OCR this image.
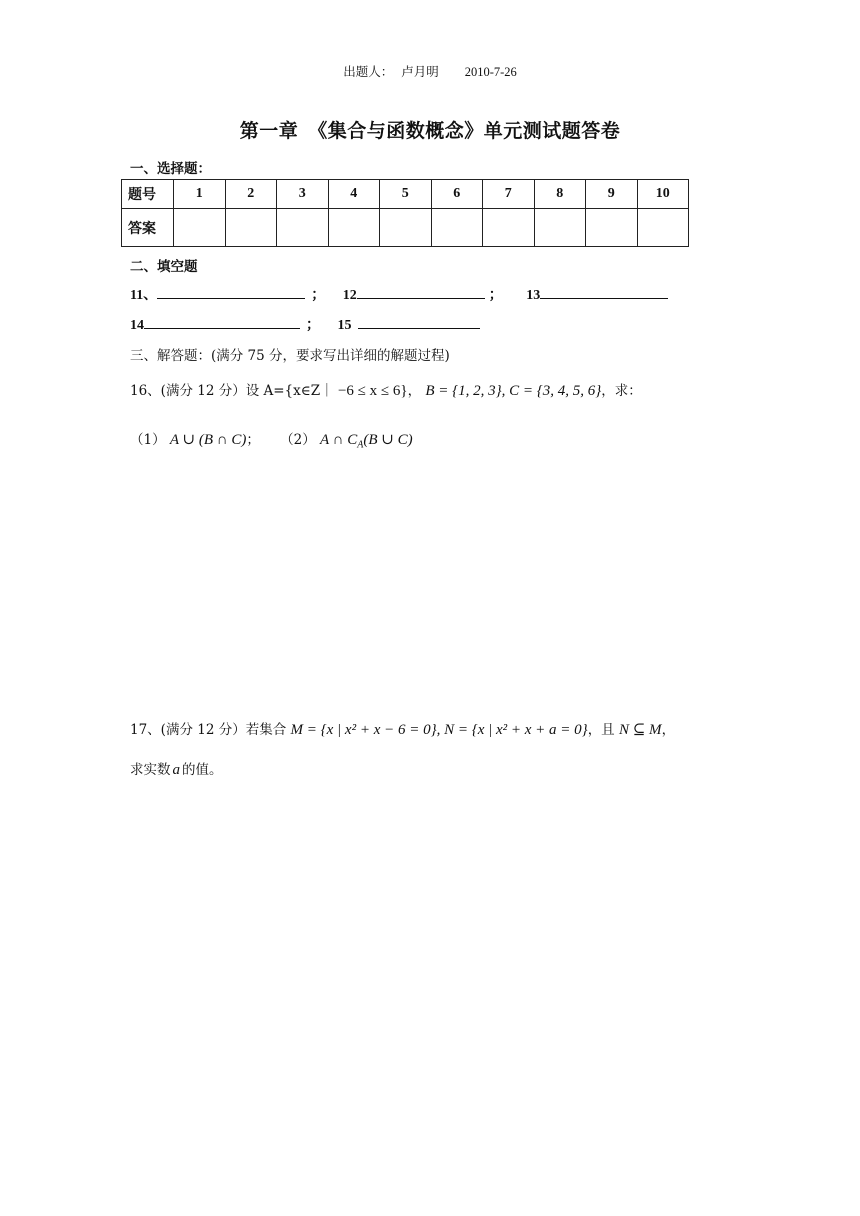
出题人： 卢月明 2010-7-26
第一章　《集合与函数概念》单元测试题答卷
一、选择题：
题号	1	2	3	4	5	6	7	8	9	10
答案										
二、填空题
11、	； 12	； 13
14	； 15
三、解答题：(满分 75 分，要求写出详细的解题过程)
16、(满分 12 分）设 A={x∈Z｜ −6 ≤ x ≤ 6}， B = {1, 2, 3}, C = {3, 4, 5, 6}，求：
（1） A ∪ (B ∩ C)； （2） A ∩ $C_A(B$ ∪ C)
17、(满分 12 分）若集合 M = {x | x² + x − 6 = 0}, N = {x | x² + x + a = 0}，且 N ⊆ M，
求实数 a 的值。
